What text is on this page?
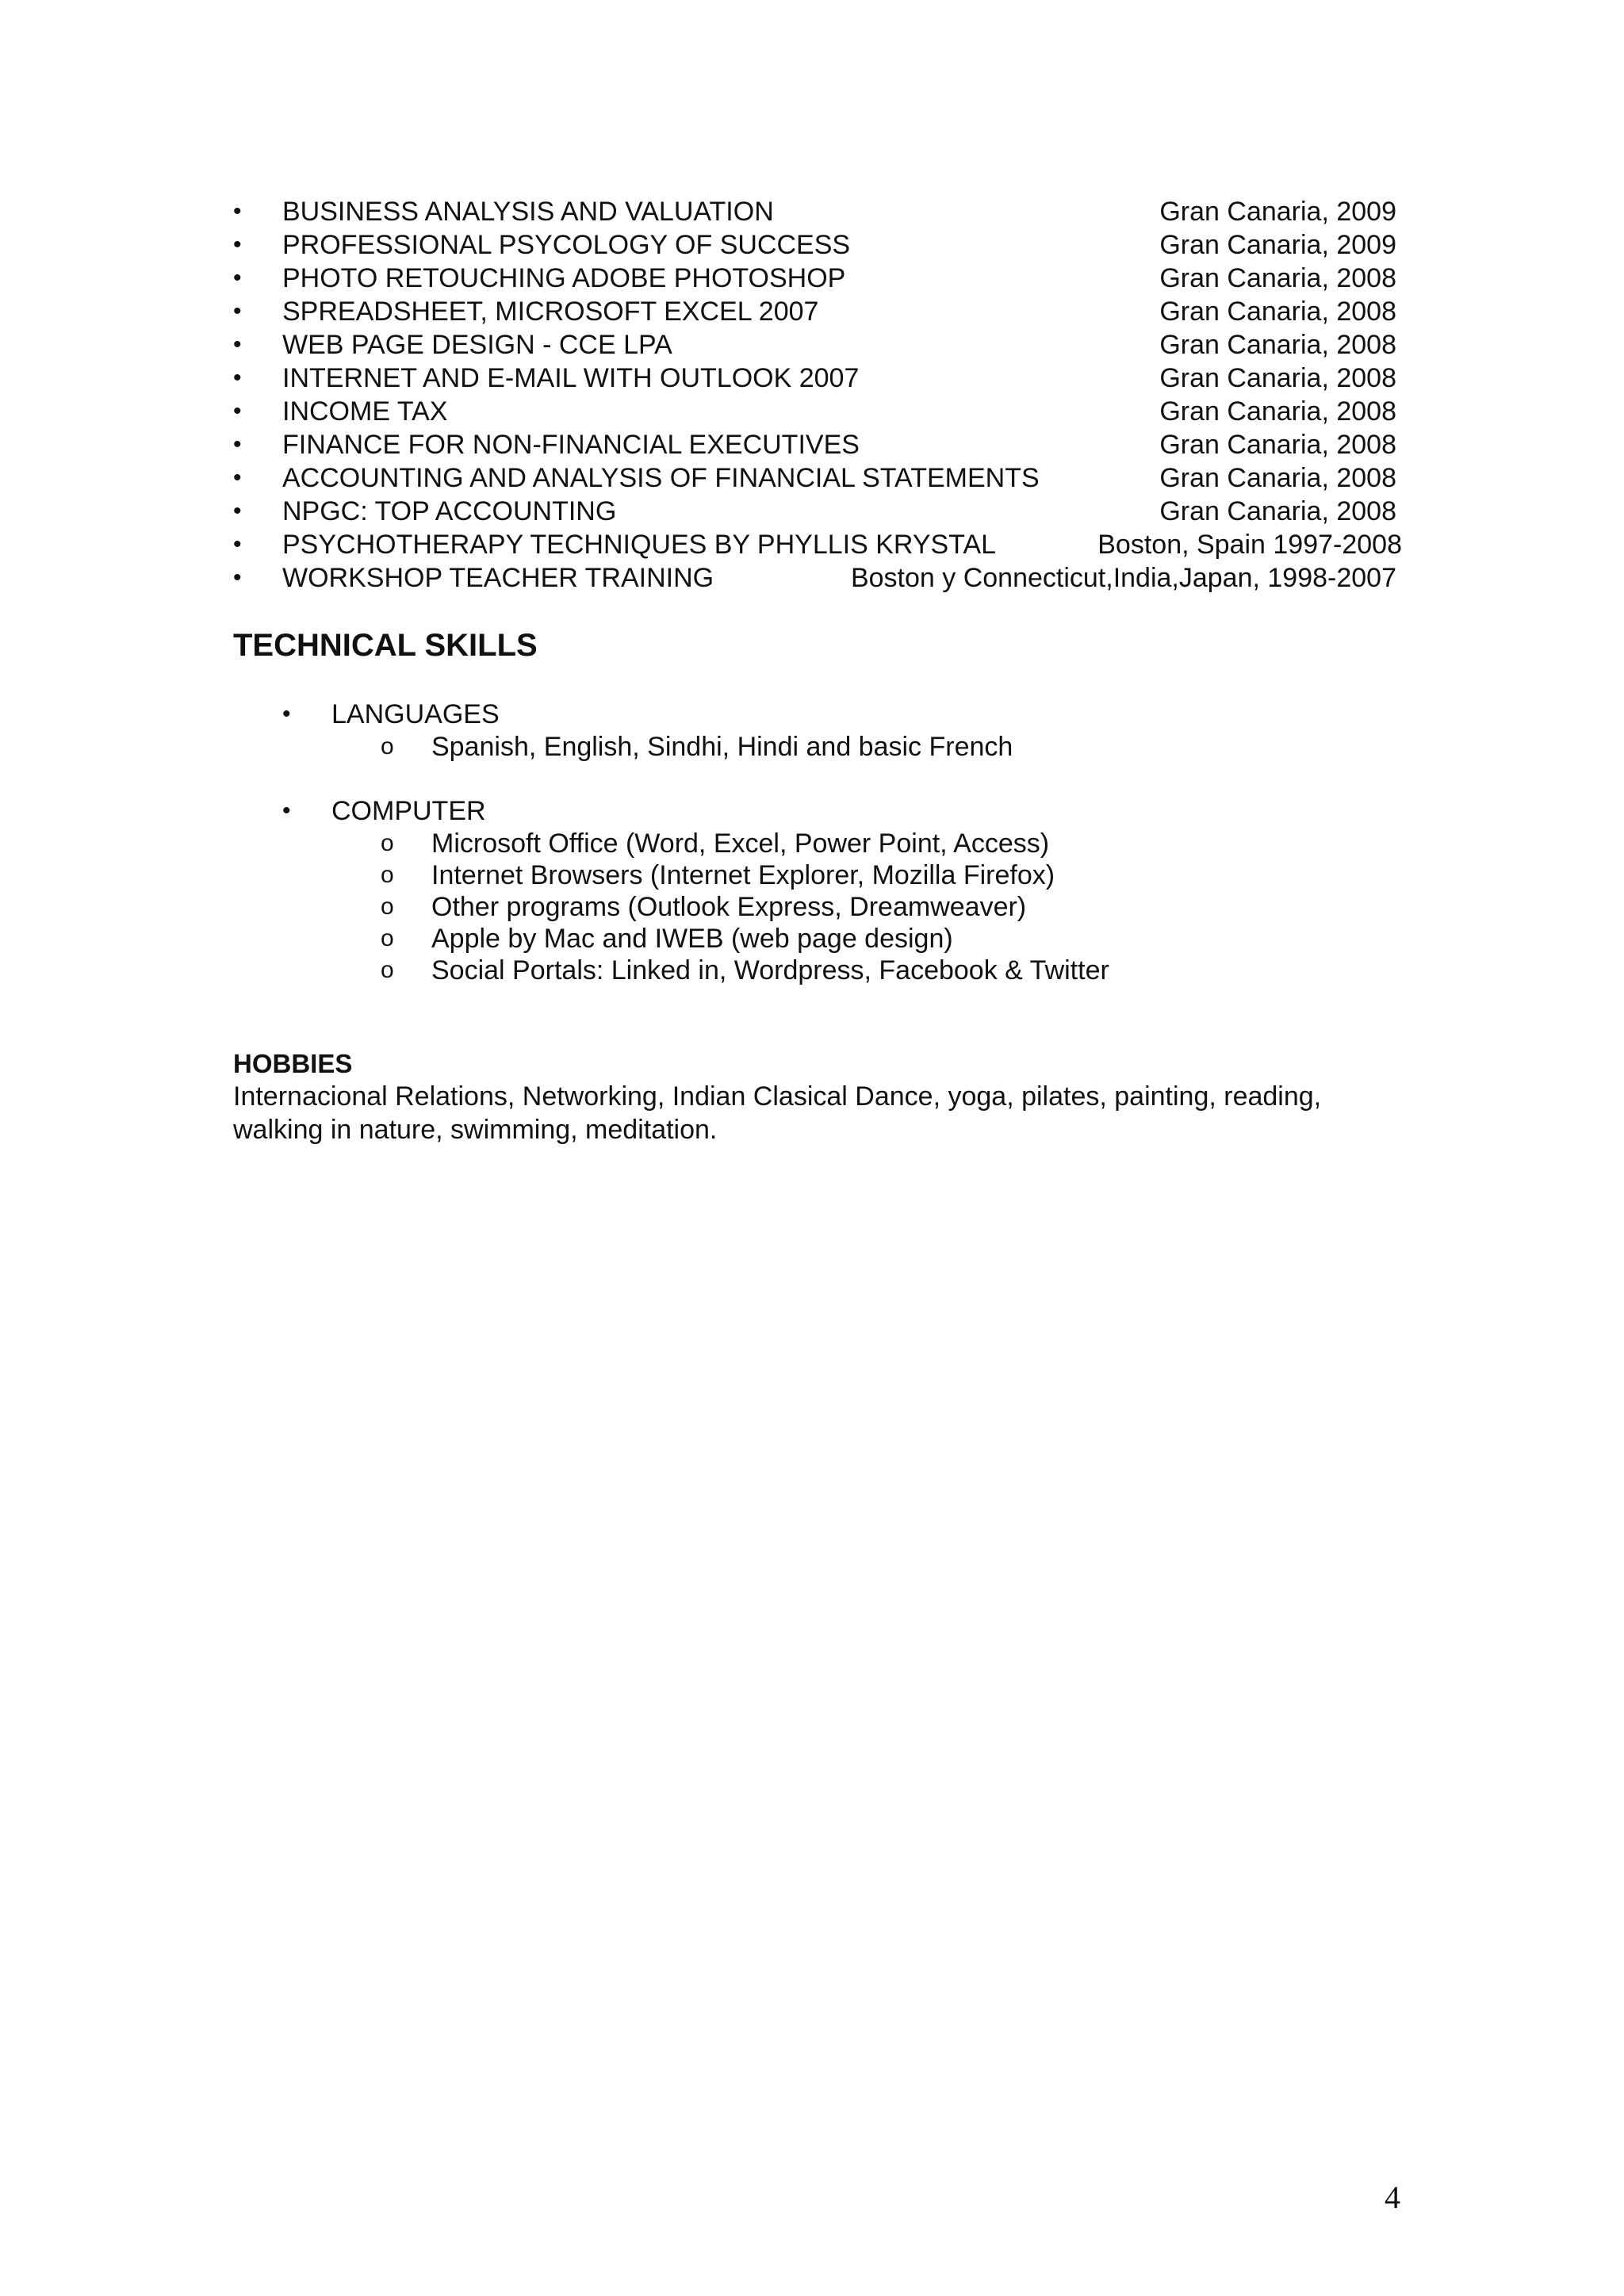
• BUSINESS ANALYSIS AND VALUATION	Gran Canaria, 2009
• PROFESSIONAL PSYCOLOGY OF SUCCESS	Gran Canaria, 2009
• PHOTO RETOUCHING ADOBE PHOTOSHOP	Gran Canaria, 2008
• SPREADSHEET, MICROSOFT EXCEL 2007	Gran Canaria, 2008
• WEB PAGE DESIGN - CCE LPA	Gran Canaria, 2008
• INTERNET AND E-MAIL WITH OUTLOOK 2007	Gran Canaria, 2008
• INCOME TAX	Gran Canaria, 2008
• FINANCE FOR NON-FINANCIAL EXECUTIVES	Gran Canaria, 2008
• ACCOUNTING AND ANALYSIS OF FINANCIAL STATEMENTS	Gran Canaria, 2008
• NPGC: TOP ACCOUNTING	Gran Canaria, 2008
• PSYCHOTHERAPY TECHNIQUES BY PHYLLIS KRYSTAL	Boston, Spain 1997-2008
• WORKSHOP TEACHER TRAINING	Boston y Connecticut,India,Japan, 1998-2007
TECHNICAL SKILLS
• LANGUAGES
o Spanish, English, Sindhi, Hindi and basic French
• COMPUTER
o Microsoft Office (Word, Excel, Power Point, Access)
o Internet Browsers (Internet Explorer, Mozilla Firefox)
o Other programs (Outlook Express, Dreamweaver)
o Apple by Mac and IWEB (web page design)
o Social Portals: Linked in, Wordpress, Facebook & Twitter
HOBBIES

Internacional Relations, Networking, Indian Clasical Dance, yoga, pilates, painting, reading, walking in nature, swimming, meditation.

4
